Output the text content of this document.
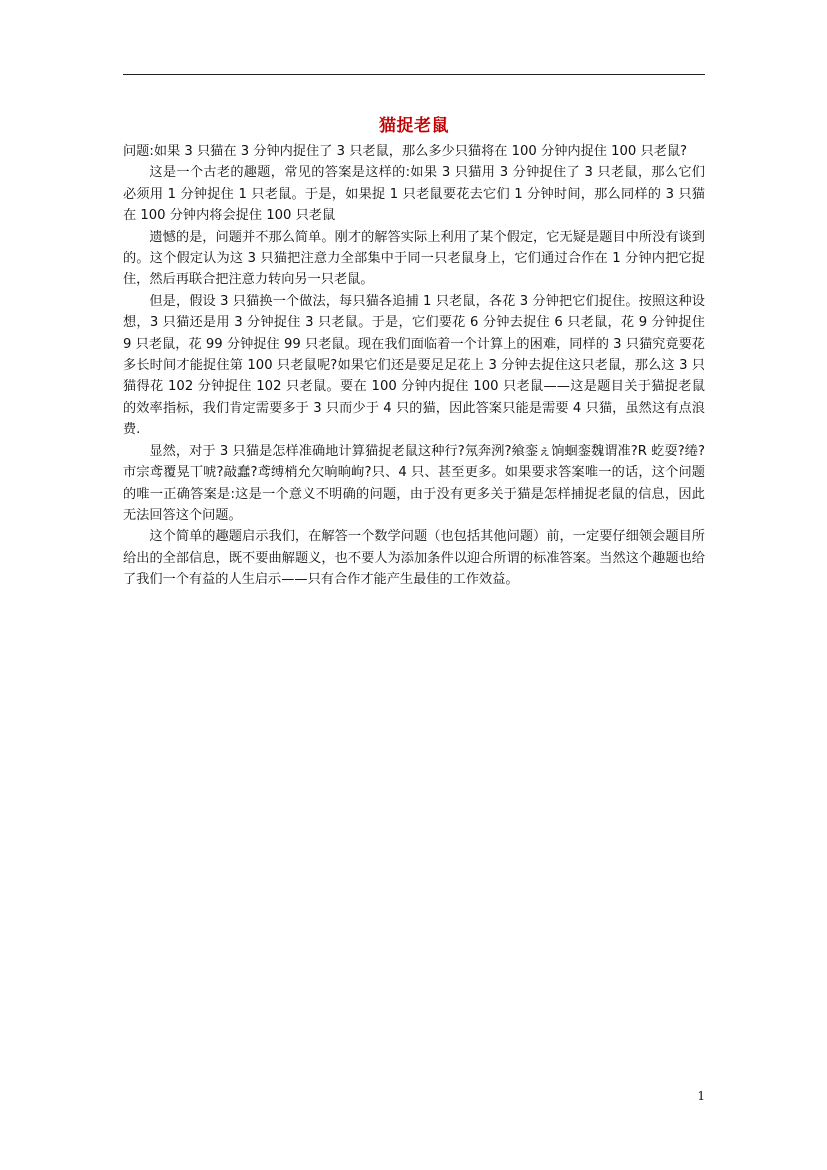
猫捉老鼠

问题:如果 3 只猫在 3 分钟内捉住了 3 只老鼠，那么多少只猫将在 100 分钟内捉住 100 只老鼠?

这是一个古老的趣题，常见的答案是这样的:如果 3 只猫用 3 分钟捉住了 3 只老鼠，那么它们必须用 1 分钟捉住 1 只老鼠。于是，如果捉 1 只老鼠要花去它们 1 分钟时间，那么同样的 3 只猫在 100 分钟内将会捉住 100 只老鼠

遗憾的是，问题并不那么简单。刚才的解答实际上利用了某个假定，它无疑是题目中所没有谈到的。这个假定认为这 3 只猫把注意力全部集中于同一只老鼠身上，它们通过合作在 1 分钟内把它捉住，然后再联合把注意力转向另一只老鼠。

但是，假设 3 只猫换一个做法，每只猫各追捕 1 只老鼠，各花 3 分钟把它们捉住。按照这种设想，3 只猫还是用 3 分钟捉住 3 只老鼠。于是，它们要花 6 分钟去捉住 6 只老鼠，花 9 分钟捉住 9 只老鼠，花 99 分钟捉住 99 只老鼠。现在我们面临着一个计算上的困难，同样的 3 只猫究竟要花多长时间才能捉住第 100 只老鼠呢?如果它们还是要足足花上 3 分钟去捉住这只老鼠，那么这 3 只猫得花 102 分钟捉住 102 只老鼠。要在 100 分钟内捉住 100 只老鼠——这是题目关于猫捉老鼠的效率指标，我们肯定需要多于 3 只而少于 4 只的猫，因此答案只能是需要 4 只猫，虽然这有点浪费.

显然，对于 3 只猫是怎样准确地计算猫捉老鼠这种行?氖奔洌?飨銮ぇ饷蛔銮魏谓准?R 虼耍?绻?市宗鸢覆晃丅唬?敲蠢?鸢缚梢允欠晌晌岣?只、4 只、甚至更多。如果要求答案唯一的话，这个问题的唯一正确答案是:这是一个意义不明确的问题，由于没有更多关于猫是怎样捕捉老鼠的信息，因此无法回答这个问题。

这个简单的趣题启示我们，在解答一个数学问题（也包括其他问题）前，一定要仔细领会题目所给出的全部信息，既不要曲解题义，也不要人为添加条件以迎合所谓的标准答案。当然这个趣题也给了我们一个有益的人生启示——只有合作才能产生最佳的工作效益。

1
